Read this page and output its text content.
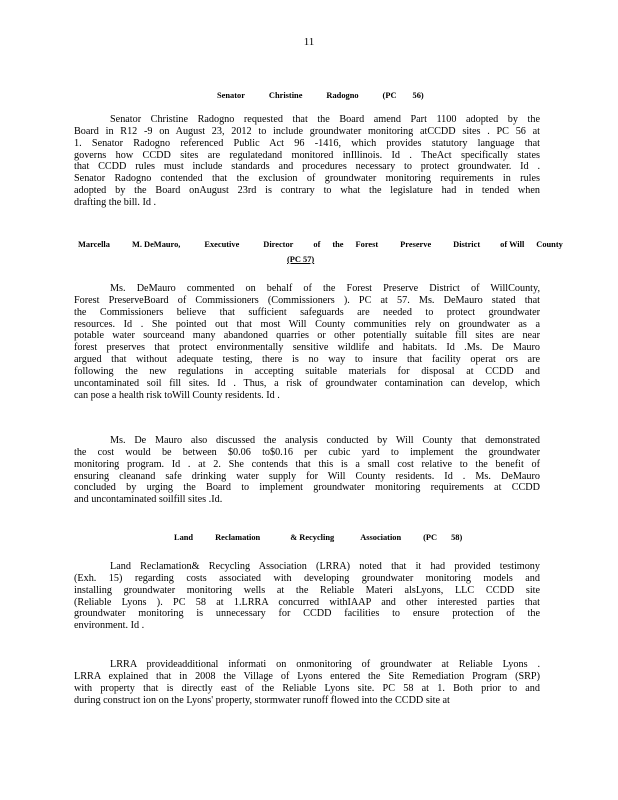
11
Senator	Christine	Radogno	(PC 56)
Senator Christine Radogno requested that the Board amend Part 1100 adopted by the
Board in R12 -9 on August 23, 2012 to include groundwater monitoring atCCDD sites . PC 56 at
1. Senator Radogno referenced Public Act 96 -1416, which provides statutory language that
governs how CCDD sites are regulatedand monitored inIllinois. Id . TheAct specifically states
that CCDD rules must include standards and procedures necessary to protect groundwater. Id .
Senator Radogno contended that the exclusion of groundwater monitoring requirements in rules
adopted by the Board onAugust 23rd is contrary to what the legislature had in tended when
drafting the bill. Id .
Marcella	M. DeMauro,	Executive	Director of the Forest	Preserve	District of Will County
(PC 57)
Ms. DeMauro commented on behalf of the Forest Preserve District of WillCounty,
Forest PreserveBoard of Commissioners (Commissioners ). PC at 57. Ms. DeMauro stated that
the Commissioners believe that sufficient safeguards are needed to protect groundwater
resources. Id . She pointed out that most Will County communities rely on groundwater as a
potable water sourceand many abandoned quarries or other potentially suitable fill sites are near
forest preserves that protect environmentally sensitive wildlife and habitats. Id .Ms. De Mauro
argued that without adequate testing, there is no way to insure that facility operat ors are
following the new regulations in accepting suitable materials for disposal at CCDD and
uncontaminated soil fill sites. Id . Thus, a risk of groundwater contamination can develop, which
can pose a health risk toWill County residents. Id .
Ms. De Mauro also discussed the analysis conducted by Will County that demonstrated
the cost would be between $0.06 to$0.16 per cubic yard to implement the groundwater
monitoring program. Id . at 2. She contends that this is a small cost relative to the benefit of
ensuring cleanand safe drinking water supply for Will County residents. Id . Ms. DeMauro
concluded by urging the Board to implement groundwater monitoring requirements at CCDD
and uncontaminated soilfill sites .Id.
Land	Reclamation	& Recycling	Association	(PC 58)
Land Reclamation& Recycling Association (LRRA) noted that it had provided testimony
(Exh. 15) regarding costs associated with developing groundwater monitoring models and
installing groundwater monitoring wells at the Reliable Materi alsLyons, LLC CCDD site
(Reliable Lyons ). PC 58 at 1.LRRA concurred withIAAP and other interested parties that
groundwater monitoring is unnecessary for CCDD facilities to ensure protection of the
environment. Id .
LRRA provideadditional informati on onmonitoring of groundwater at Reliable Lyons .
LRRA explained that in 2008 the Village of Lyons entered the Site Remediation Program (SRP)
with property that is directly east of the Reliable Lyons site. PC 58 at 1. Both prior to and
during construct ion on the Lyons' property, stormwater runoff flowed into the CCDD site at
